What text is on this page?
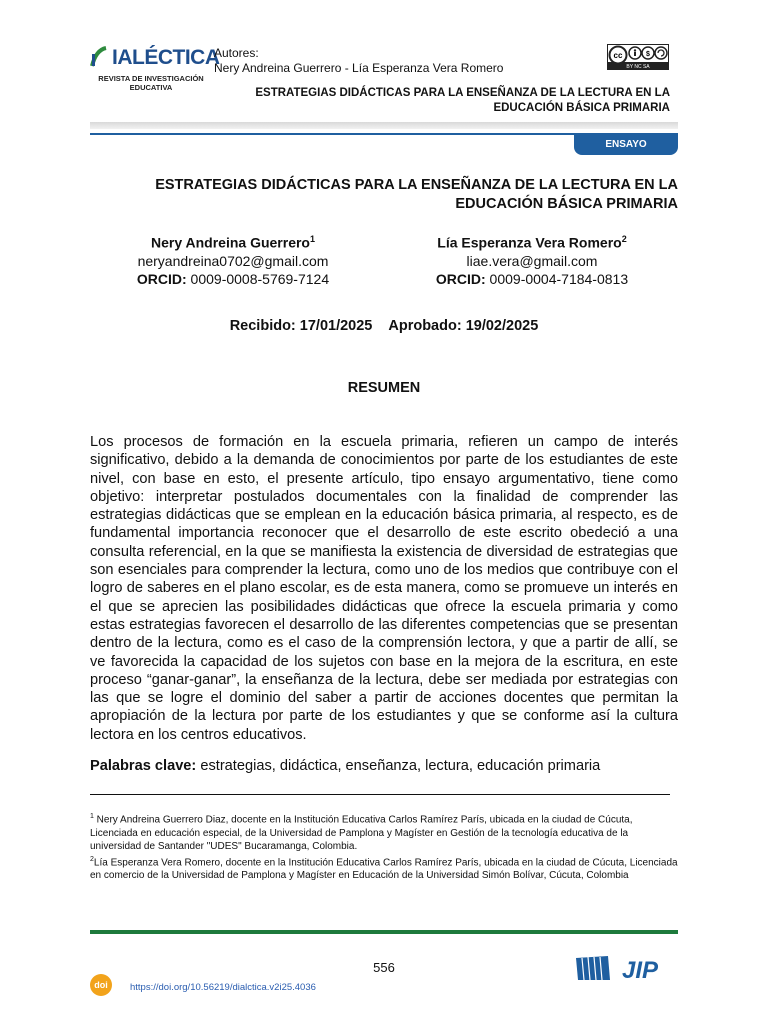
IALÉCTICA
REVISTA DE INVESTIGACIÓN EDUCATIVA
Autores:
Nery Andreina Guerrero - Lía Esperanza Vera Romero
cc	$
BY NC SA
ESTRATEGIAS DIDÁCTICAS PARA LA ENSEÑANZA DE LA LECTURA EN LA
EDUCACIÓN BÁSICA PRIMARIA
ENSAYO
ESTRATEGIAS DIDÁCTICAS PARA LA ENSEÑANZA DE LA LECTURA EN LA
EDUCACIÓN BÁSICA PRIMARIA
Nery Andreina Guerrero$^1$
neryandreina0702@gmail.com
ORCID: 0009-0008-5769-7124
Lía Esperanza Vera Romero$^2$
liae.vera@gmail.com
ORCID: 0009-0004-7184-0813
Recibido: 17/01/2025 Aprobado: 19/02/2025
RESUMEN
Los procesos de formación en la escuela primaria, refieren un campo de interés significativo, debido a la demanda de conocimientos por parte de los estudiantes de este nivel, con base en esto, el presente artículo, tipo ensayo argumentativo, tiene como objetivo: interpretar postulados documentales con la finalidad de comprender las estrategias didácticas que se emplean en la educación básica primaria, al respecto, es de fundamental importancia reconocer que el desarrollo de este escrito obedeció a una consulta referencial, en la que se manifiesta la existencia de diversidad de estrategias que son esenciales para comprender la lectura, como uno de los medios que contribuye con el logro de saberes en el plano escolar, es de esta manera, como se promueve un interés en el que se aprecien las posibilidades didácticas que ofrece la escuela primaria y como estas estrategias favorecen el desarrollo de las diferentes competencias que se presentan dentro de la lectura, como es el caso de la comprensión lectora, y que a partir de allí, se ve favorecida la capacidad de los sujetos con base en la mejora de la escritura, en este proceso “ganar-ganar”, la enseñanza de la lectura, debe ser mediada por estrategias con las que se logre el dominio del saber a partir de acciones docentes que permitan la apropiación de la lectura por parte de los estudiantes y que se conforme así la cultura lectora en los centros educativos.
Palabras clave: estrategias, didáctica, enseñanza, lectura, educación primaria

$^1$ Nery Andreina Guerrero Diaz, docente en la Institución Educativa Carlos Ramírez París, ubicada en la ciudad de Cúcuta, Licenciada en educación especial, de la Universidad de Pamplona y Magíster en Gestión de la tecnología educativa de la universidad de Santander "UDES" Bucaramanga, Colombia.

$^2$Lía Esperanza Vera Romero, docente en la Institución Educativa Carlos Ramírez París, ubicada en la ciudad de Cúcuta, Licenciada en comercio de la Universidad de Pamplona y Magíster en Educación de la Universidad Simón Bolívar, Cúcuta, Colombia

556
doi	https://doi.org/10.56219/dialctica.v2i25.4036
JIP
